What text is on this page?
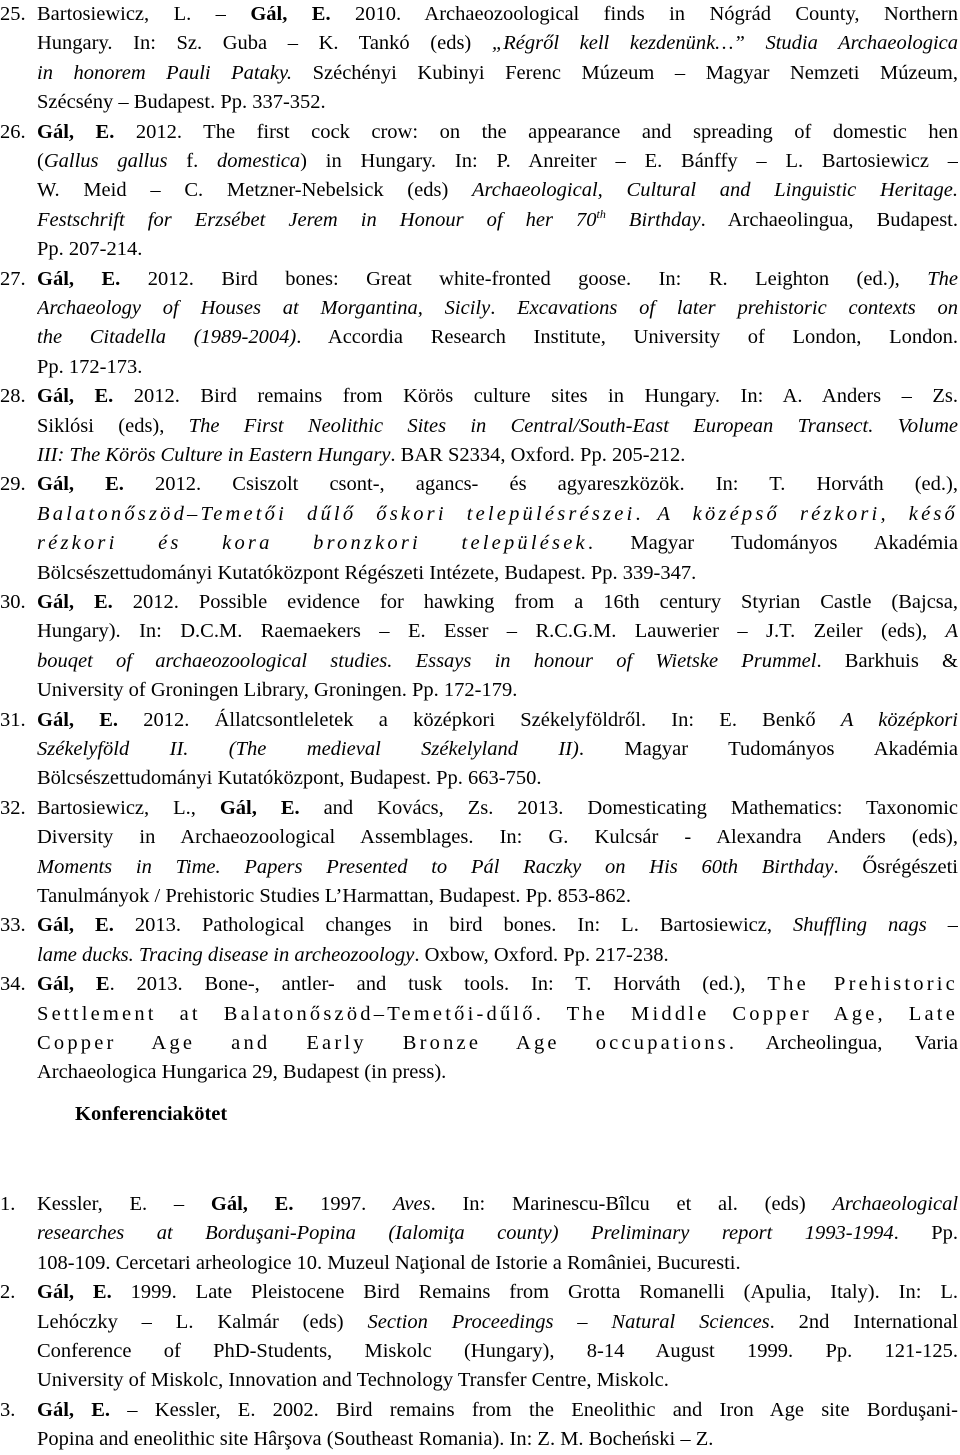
25. Bartosiewicz, L. – Gál, E. 2010. Archaeozoological finds in Nógrád County, Northern
Hungary. In: Sz. Guba – K. Tankó (eds) „Régről kell kezdenünk…” Studia Archaeologica
in honorem Pauli Pataky. Széchényi Kubinyi Ferenc Múzeum – Magyar Nemzeti Múzeum,
Szécsény – Budapest. Pp. 337-352.
26. Gál, E. 2012. The first cock crow: on the appearance and spreading of domestic hen
(Gallus gallus f. domestica) in Hungary. In: P. Anreiter – E. Bánffy – L. Bartosiewicz –
W. Meid – C. Metzner-Nebelsick (eds) Archaeological, Cultural and Linguistic Heritage.
Festschrift for Erzsébet Jerem in Honour of her 70th Birthday. Archaeolingua, Budapest.
Pp. 207-214.
27. Gál, E. 2012. Bird bones: Great white-fronted goose. In: R. Leighton (ed.), The
Archaeology of Houses at Morgantina, Sicily. Excavations of later prehistoric contexts on
the Citadella (1989-2004). Accordia Research Institute, University of London, London.
Pp. 172-173.
28. Gál, E. 2012. Bird remains from Körös culture sites in Hungary. In: A. Anders – Zs.
Siklósi (eds), The First Neolithic Sites in Central/South-East European Transect. Volume
III: The Körös Culture in Eastern Hungary. BAR S2334, Oxford. Pp. 205-212.
29. Gál, E. 2012. Csiszolt csont-, agancs- és agyareszközök. In: T. Horváth (ed.),
Balatonőszöd–Temetői dűlő őskori településrészei. A középső rézkori, késő
rézkori és kora bronzkori települések. Magyar Tudományos Akadémia
Bölcsészettudományi Kutatóközpont Régészeti Intézete, Budapest. Pp. 339-347.
30. Gál, E. 2012. Possible evidence for hawking from a 16th century Styrian Castle (Bajcsa,
Hungary). In: D.C.M. Raemaekers – E. Esser – R.C.G.M. Lauwerier – J.T. Zeiler (eds), A
bouqet of archaeozoological studies. Essays in honour of Wietske Prummel. Barkhuis &
University of Groningen Library, Groningen. Pp. 172-179.
31. Gál, E. 2012. Állatcsontleletek a középkori Székelyföldről. In: E. Benkő A középkori
Székelyföld II. (The medieval Székelyland II). Magyar Tudományos Akadémia
Bölcsészettudományi Kutatóközpont, Budapest. Pp. 663-750.
32. Bartosiewicz, L., Gál, E. and Kovács, Zs. 2013. Domesticating Mathematics: Taxonomic
Diversity in Archaeozoological Assemblages. In: G. Kulcsár - Alexandra Anders (eds),
Moments in Time. Papers Presented to Pál Raczky on His 60th Birthday. Ősrégészeti
Tanulmányok / Prehistoric Studies L’Harmattan, Budapest. Pp. 853-862.
33. Gál, E. 2013. Pathological changes in bird bones. In: L. Bartosiewicz, Shuffling nags –
lame ducks. Tracing disease in archeozoology. Oxbow, Oxford. Pp. 217-238.
34. Gál, E. 2013. Bone-, antler- and tusk tools. In: T. Horváth (ed.), The Prehistoric
Settlement at Balatonőszöd–Temetői-dűlő. The Middle Copper Age, Late
Copper Age and Early Bronze Age occupations. Archeolingua, Varia
Archaeologica Hungarica 29, Budapest (in press).
Konferenciakötet
1. Kessler, E. – Gál, E. 1997. Aves. In: Marinescu-Bîlcu et al. (eds) Archaeological
researches at Borduşani-Popina (Ialomiţa county) Preliminary report 1993-1994. Pp.
108-109. Cercetari arheologice 10. Muzeul Naţional de Istorie a României, Bucuresti.
2. Gál, E. 1999. Late Pleistocene Bird Remains from Grotta Romanelli (Apulia, Italy). In: L.
Lehóczky – L. Kalmár (eds) Section Proceedings – Natural Sciences. 2nd International
Conference of PhD-Students, Miskolc (Hungary), 8-14 August 1999. Pp. 121-125.
University of Miskolc, Innovation and Technology Transfer Centre, Miskolc.
3. Gál, E. – Kessler, E. 2002. Bird remains from the Eneolithic and Iron Age site Borduşani-
Popina and eneolithic site Hârşova (Southeast Romania). In: Z. M. Bocheński – Z.
